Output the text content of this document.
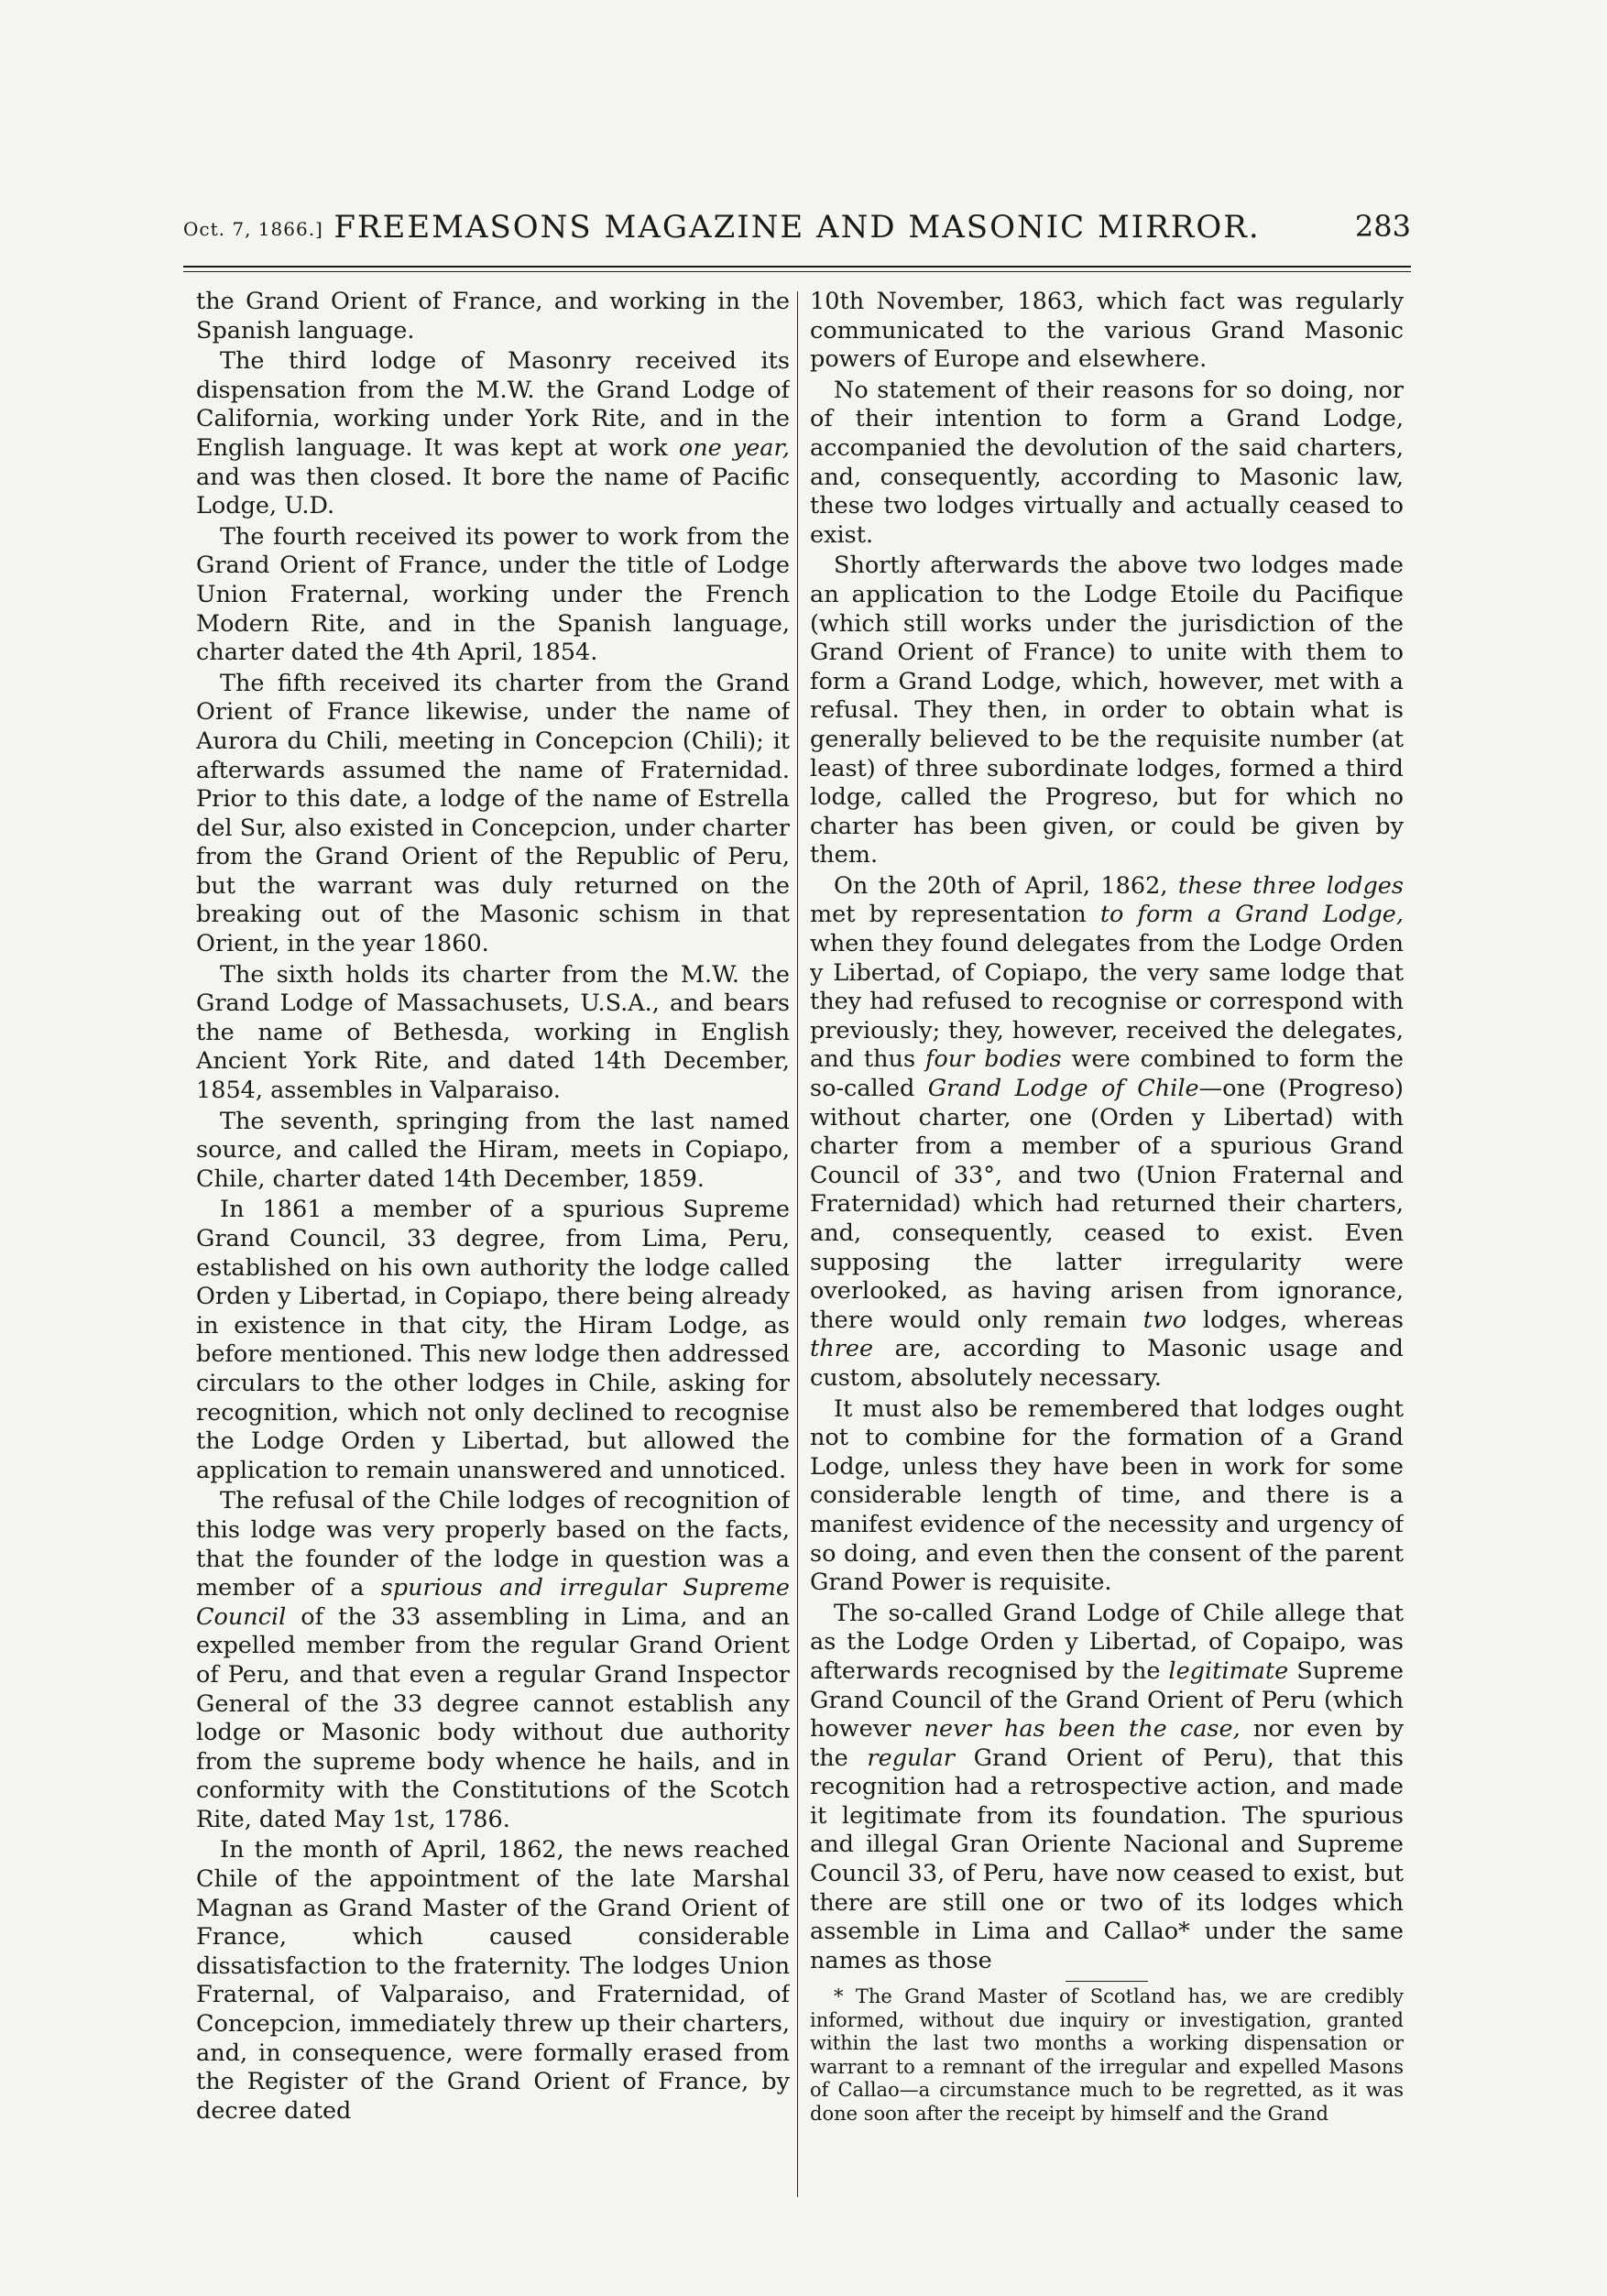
Oct. 7, 1866.] FREEMASONS MAGAZINE AND MASONIC MIRROR.	283

the Grand Orient of France, and working in the Spanish language.

The third lodge of Masonry received its dispensation from the M.W. the Grand Lodge of California, working under York Rite, and in the English language. It was kept at work one year, and was then closed. It bore the name of Pacific Lodge, U.D.

The fourth received its power to work from the Grand Orient of France, under the title of Lodge Union Fraternal, working under the French Modern Rite, and in the Spanish language, charter dated the 4th April, 1854.

The fifth received its charter from the Grand Orient of France likewise, under the name of Aurora du Chili, meeting in Concepcion (Chili); it afterwards assumed the name of Fraternidad. Prior to this date, a lodge of the name of Estrella del Sur, also existed in Concepcion, under charter from the Grand Orient of the Republic of Peru, but the warrant was duly returned on the breaking out of the Masonic schism in that Orient, in the year 1860.

The sixth holds its charter from the M.W. the Grand Lodge of Massachusets, U.S.A., and bears the name of Bethesda, working in English Ancient York Rite, and dated 14th December, 1854, assembles in Valparaiso.

The seventh, springing from the last named source, and called the Hiram, meets in Copiapo, Chile, charter dated 14th December, 1859.

In 1861 a member of a spurious Supreme Grand Council, 33 degree, from Lima, Peru, established on his own authority the lodge called Orden y Libertad, in Copiapo, there being already in existence in that city, the Hiram Lodge, as before mentioned. This new lodge then addressed circulars to the other lodges in Chile, asking for recognition, which not only declined to recognise the Lodge Orden y Libertad, but allowed the application to remain unanswered and unnoticed.

The refusal of the Chile lodges of recognition of this lodge was very properly based on the facts, that the founder of the lodge in question was a member of a spurious and irregular Supreme Council of the 33 assembling in Lima, and an expelled member from the regular Grand Orient of Peru, and that even a regular Grand Inspector General of the 33 degree cannot establish any lodge or Masonic body without due authority from the supreme body whence he hails, and in conformity with the Constitutions of the Scotch Rite, dated May 1st, 1786.

In the month of April, 1862, the news reached Chile of the appointment of the late Marshal Magnan as Grand Master of the Grand Orient of France, which caused considerable dissatisfaction to the fraternity. The lodges Union Fraternal, of Valparaiso, and Fraternidad, of Concepcion, immediately threw up their charters, and, in consequence, were formally erased from the Register of the Grand Orient of France, by decree dated

10th November, 1863, which fact was regularly communicated to the various Grand Masonic powers of Europe and elsewhere.

No statement of their reasons for so doing, nor of their intention to form a Grand Lodge, accompanied the devolution of the said charters, and, consequently, according to Masonic law, these two lodges virtually and actually ceased to exist.

Shortly afterwards the above two lodges made an application to the Lodge Etoile du Pacifique (which still works under the jurisdiction of the Grand Orient of France) to unite with them to form a Grand Lodge, which, however, met with a refusal. They then, in order to obtain what is generally believed to be the requisite number (at least) of three subordinate lodges, formed a third lodge, called the Progreso, but for which no charter has been given, or could be given by them.

On the 20th of April, 1862, these three lodges met by representation to form a Grand Lodge, when they found delegates from the Lodge Orden y Libertad, of Copiapo, the very same lodge that they had refused to recognise or correspond with previously; they, however, received the delegates, and thus four bodies were combined to form the so-called Grand Lodge of Chile—one (Progreso) without charter, one (Orden y Libertad) with charter from a member of a spurious Grand Council of 33°, and two (Union Fraternal and Fraternidad) which had returned their charters, and, consequently, ceased to exist. Even supposing the latter irregularity were overlooked, as having arisen from ignorance, there would only remain two lodges, whereas three are, according to Masonic usage and custom, absolutely necessary.

It must also be remembered that lodges ought not to combine for the formation of a Grand Lodge, unless they have been in work for some considerable length of time, and there is a manifest evidence of the necessity and urgency of so doing, and even then the consent of the parent Grand Power is requisite.

The so-called Grand Lodge of Chile allege that as the Lodge Orden y Libertad, of Copaipo, was afterwards recognised by the legitimate Supreme Grand Council of the Grand Orient of Peru (which however never has been the case, nor even by the regular Grand Orient of Peru), that this recognition had a retrospective action, and made it legitimate from its foundation. The spurious and illegal Gran Oriente Nacional and Supreme Council 33, of Peru, have now ceased to exist, but there are still one or two of its lodges which assemble in Lima and Callao* under the same names as those

* The Grand Master of Scotland has, we are credibly informed, without due inquiry or investigation, granted within the last two months a working dispensation or warrant to a remnant of the irregular and expelled Masons of Callao—a circumstance much to be regretted, as it was done soon after the receipt by himself and the Grand
